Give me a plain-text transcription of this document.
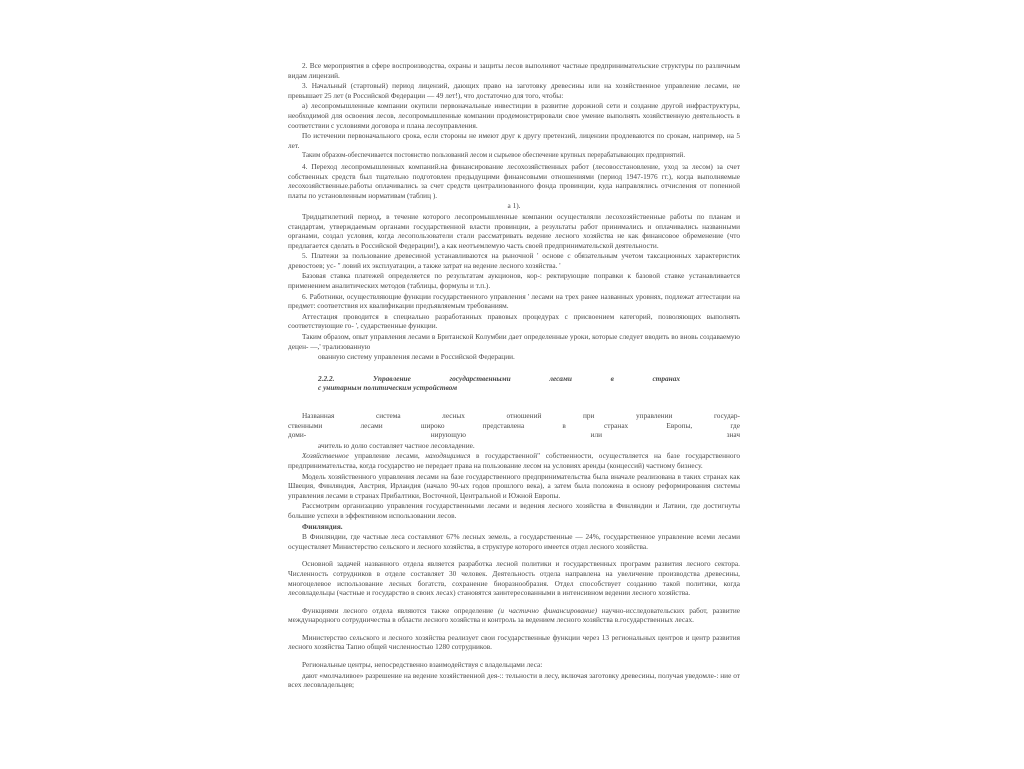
2. Все мероприятия в сфере воспроизводства, охраны и защиты лесов выполняют частные предпринимательские структуры по различным видам лицензий.

3. Начальный (стартовый) период лицензий, дающих право на заготовку древесины или на хозяйственное управление лесами, не превышает 25 лет (в Российской Федерации — 49 лет!), что достаточно для того, чтобы:

а) лесопромышленные компании окупили первоначальные инвестиции в развитие дорожной сети и создание другой инфраструктуры, необходимой для освоения лесов, лесопромышленные компании продемонстрировали свое умение выполнять хозяйственную деятельность в соответствии с условиями договора и плана лесоуправления.

По истечении первоначального срока, если стороны не имеют друг к другу претензий, лицензии продлеваются по срокам, например, на 5 лет.

Таким образом-обеспечивается постоянство пользований лесом и сырьевое обеспечение крупных перерабатывающих предприятий.

4. Переход лесопромышленных компаний.на финансирование лесохозяйственных работ (лесовосстановление, уход за лесом) за счет собственных средств был тщательно подготовлен предыдущими финансовыми отношениями (период 1947-1976 гг.), когда выполняемые лесохозяйственные.работы оплачивались за счет средств централизованного фонда провинции, куда направлялись отчисления от попенной платы по установленным нормативам (таблиц ).

а 1).

Тридцатилетний период, в течение которого лесопромышленные компании осуществляли лесохозяйственные работы по планам и стандартам, утверждаемым органами государственной власти провинции, а результаты работ принимались и оплачивались названными органами, создал условия, когда лесопользователи стали рассматривать ведение лесного хозяйства не как финансовое обременение (что предлагается сделать в Российской Федерации!), а как неотъемлемую часть своей предпринимательской деятельности.

5. Платежи за пользование древесиной устанавливаются на рыночной ' основе с обязательным учетом таксационных характеристик древостоев; ус- " ловий их эксплуатации, а также затрат на ведение лесного хозяйства. '

Базовая ставка платежей определяется по результатам аукционов, кор-: ректирующие поправки к базовой ставке устанавливается применением аналитических методов (таблицы, формулы и т.п.).

6. Работники, осуществляющие функции государственного управления ' лесами на трех ранее названных уровнях, подлежат аттестации на предмет: соответствия их квалификации предъявляемым требованиям.

Аттестация проводится в специально разработанных правовых процедурах с присвоением категорий, позволяющих выполнять соответствующие го- ', сударственные функции.

Таким образом, опыт управления лесами в Британской Колумбии дает определенные уроки, которые следует вводить во вновь создаваемую децен- —,' трализованную

ованную систему управления лесами в Российской Федерации.

2.2.2.	Управление	государственными	лесами	в	странах
с унитарным политическим устройством

Названная система лесных отношений при управлении государ- ственными лесами широко представлена в странах Европы, где доми- нирующую или знач

ачитель ю долю составляет частное лесовладение.

Хозяйственное управление лесами, находящимися в государственной" собственности, осуществляется на базе государственного предпринимательства, когда государство не передает права на пользование лесом на условиях аренды (концессий) частному бизнесу.

Модель хозяйственного управления лесами на базе государственного предпринимательства была вначале реализована в таких странах как Швеция, Финляндия, Австрия, Ирландия (начало 90-ых годов прошлого века), а затем была положена в основу реформирования системы управления лесами в странах Прибалтики, Восточной, Центральной и Южной Европы.

Рассмотрим организацию управления государственными лесами и ведения лесного хозяйства в Финляндии и Латвии, где достигнуты большие успехи в эффективном использовании лесов.

Финляндия.

В Финляндии, где частные леса составляют 67% лесных земель, а государственные — 24%, государственное управление всеми лесами осуществляет Министерство сельского и лесного хозяйства, в структуре которого имеется отдел лесного хозяйства.

Основной задачей названного отдела является разработка лесной политики и государственных программ развития лесного сектора. Численность сотрудников в отделе составляет 30 человек. Деятельность отдела направлена на увеличение производства древесины, многоцелевое использование лесных богатств, сохранение биоразнообразия. Отдел способствует созданию такой политики, когда лесовладельцы (частные и государство в своих лесах) становятся заинтересованными в интенсивном ведении лесного хозяйства.

Функциями лесного отдела являются также определение (и частично финансирование) научно-исследовательских работ, развитие международного сотрудничества в области лесного хозяйства и контроль за ведением лесного хозяйства в.государственных лесах.

Министерство сельского и лесного хозяйства реализует свои государственные функции через 13 региональных центров и центр развития лесного хозяйства Тапио общей численностью 1280 сотрудников.

Региональные центры, непосредственно взаимодействуя с владельцами леса:

дают «молчаливое» разрешение на ведение хозяйственной дея-:: тельности в лесу, включая заготовку древесины, получая уведомле-: ние от всех лесовладельцев;
